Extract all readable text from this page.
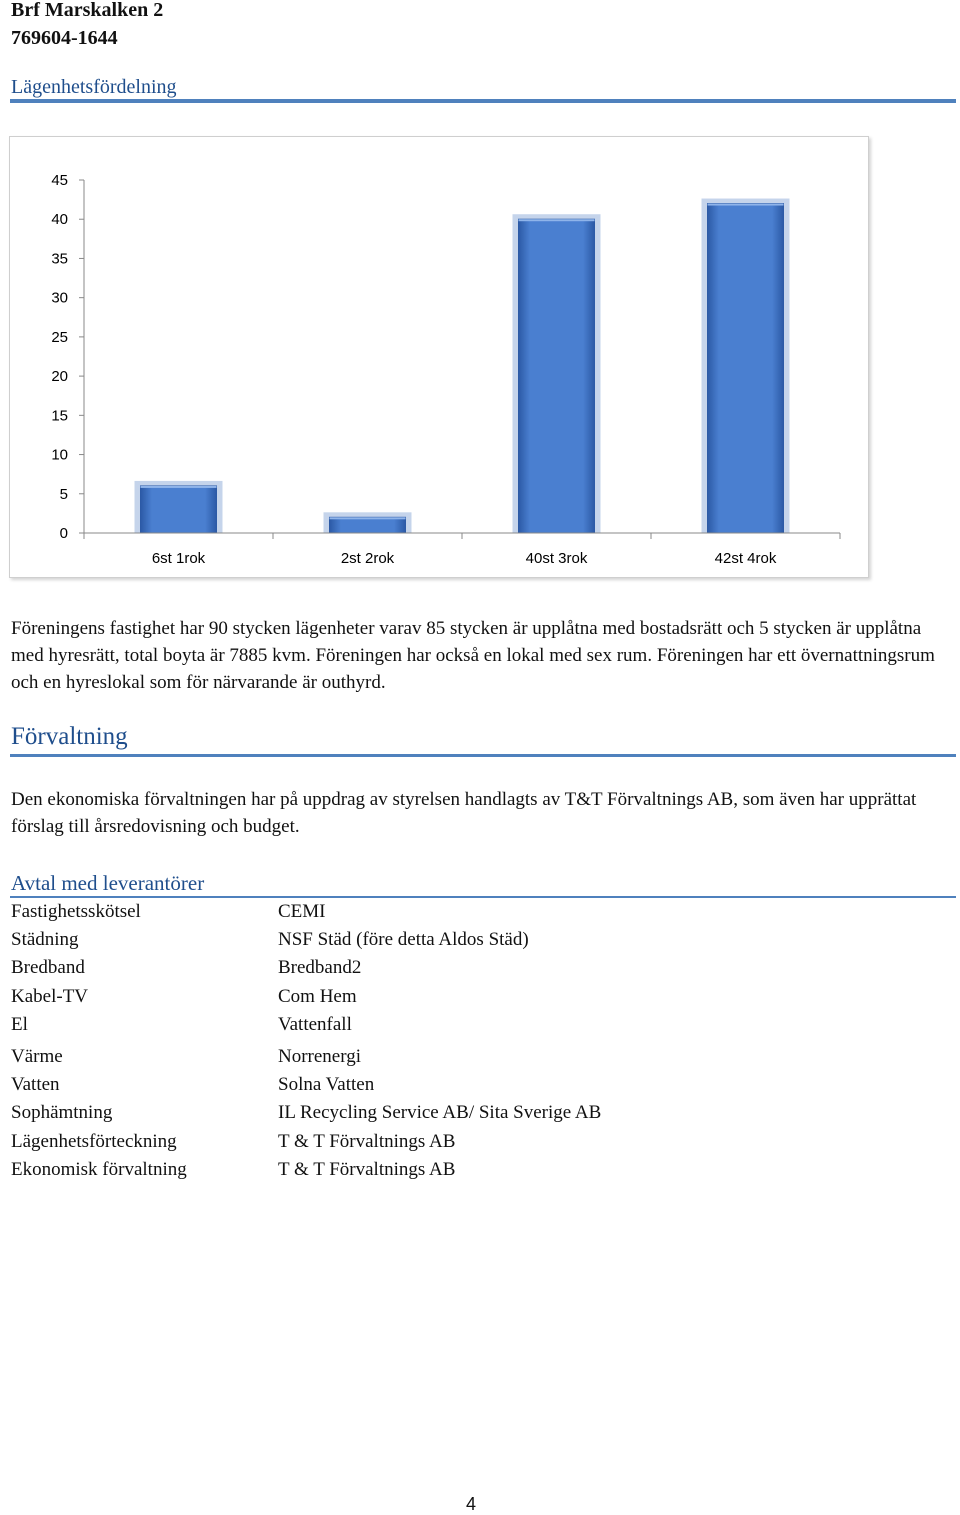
Brf Marskalken 2
769604-1644
Lägenhetsfördelning
0
5
10
15
20
25
30
35
40
45
6st 1rok	2st 2rok	40st 3rok	42st 4rok
Föreningens fastighet har 90 stycken lägenheter varav 85 stycken är upplåtna med bostadsrätt och 5 stycken är upplåtna med hyresrätt, total boyta är 7885 kvm. Föreningen har också en lokal med sex rum. Föreningen har ett övernattningsrum och en hyreslokal som för närvarande är outhyrd.
Förvaltning
Den ekonomiska förvaltningen har på uppdrag av styrelsen handlagts av T&T Förvaltnings AB, som även har upprättat förslag till årsredovisning och budget.
Avtal med leverantörer
Fastighetsskötsel	CEMI
Städning	NSF Städ (före detta Aldos Städ)
Bredband	Bredband2
Kabel-TV	Com Hem
El	Vattenfall
Värme	Norrenergi
Vatten	Solna Vatten
Sophämtning	IL Recycling Service AB/ Sita Sverige AB
Lägenhetsförteckning	T & T Förvaltnings AB
Ekonomisk förvaltning	T & T Förvaltnings AB
4
